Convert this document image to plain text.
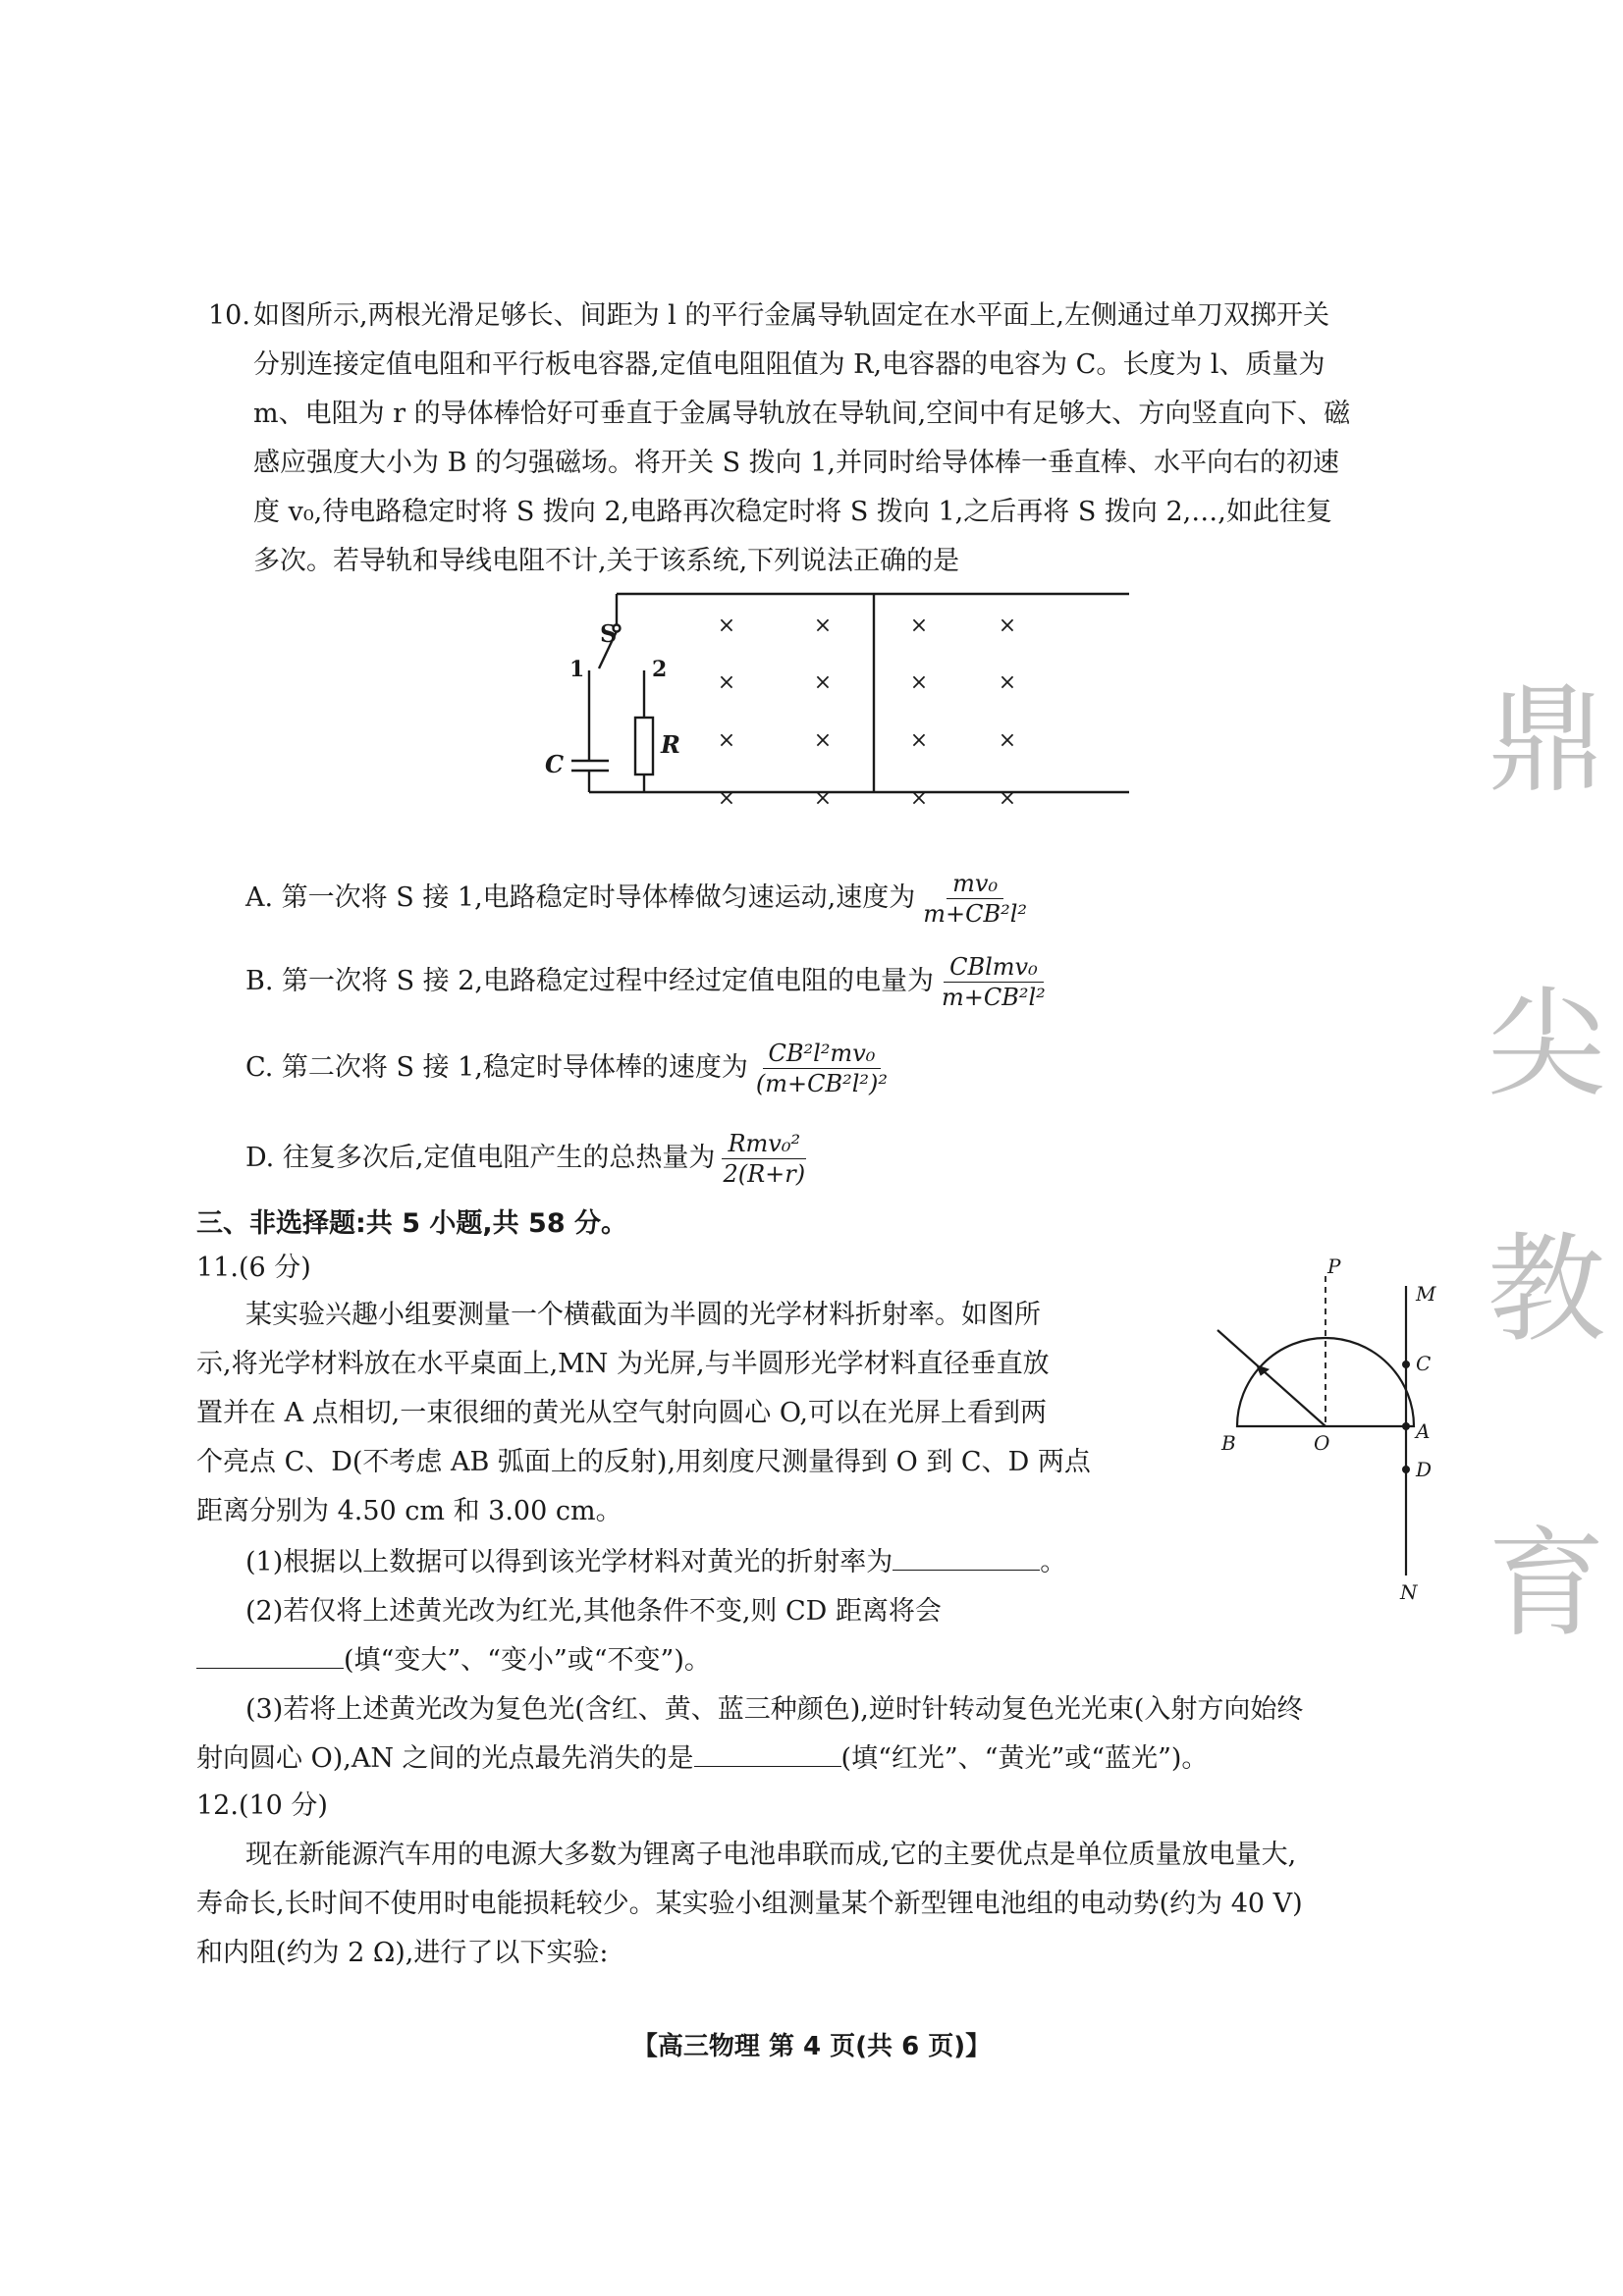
10. 如图所示,两根光滑足够长、间距为 l 的平行金属导轨固定在水平面上,左侧通过单刀双掷开关
分别连接定值电阻和平行板电容器,定值电阻阻值为 R,电容器的电容为 C。长度为 l、质量为
m、电阻为 r 的导体棒恰好可垂直于金属导轨放在导轨间,空间中有足够大、方向竖直向下、磁
感应强度大小为 B 的匀强磁场。将开关 S 拨向 1,并同时给导体棒一垂直棒、水平向右的初速
度 v₀,待电路稳定时将 S 拨向 2,电路再次稳定时将 S 拨向 1,之后再将 S 拨向 2,…,如此往复
多次。若导轨和导线电阻不计,关于该系统,下列说法正确的是
S
1	2
C
R
×	×	×	×
×	×	×	×
×	×	×	×
×	×	×	×
A. 第一次将 S 接 1,电路稳定时导体棒做匀速运动,速度为 $\frac{\text{mv₀}}{\text{m+CB²l²}}$
B. 第一次将 S 接 2,电路稳定过程中经过定值电阻的电量为 $\frac{\text{CBlmv₀}}{\text{m+CB²l²}}$
C. 第二次将 S 接 1,稳定时导体棒的速度为 $\frac{\text{CB²l²mv₀}}{\text{(m+CB²l²)²}}$
D. 往复多次后,定值电阻产生的总热量为 $\frac{\text{Rmv₀²}}{2(R+r)}$
三、非选择题:共 5 小题,共 58 分。
11.(6 分)
某实验兴趣小组要测量一个横截面为半圆的光学材料折射率。如图所
示,将光学材料放在水平桌面上,MN 为光屏,与半圆形光学材料直径垂直放
置并在 A 点相切,一束很细的黄光从空气射向圆心 O,可以在光屏上看到两
个亮点 C、D(不考虑 AB 弧面上的反射),用刻度尺测量得到 O 到 C、D 两点
距离分别为 4.50 cm 和 3.00 cm。
(1)根据以上数据可以得到该光学材料对黄光的折射率为	。
(2)若仅将上述黄光改为红光,其他条件不变,则 CD 距离将会
(填“变大”、“变小”或“不变”)。
(3)若将上述黄光改为复色光(含红、黄、蓝三种颜色),逆时针转动复色光光束(入射方向始终
射向圆心 O),AN 之间的光点最先消失的是	(填“红光”、“黄光”或“蓝光”)。
P
M
C
B	O	A
D
N
12.(10 分)
现在新能源汽车用的电源大多数为锂离子电池串联而成,它的主要优点是单位质量放电量大,
寿命长,长时间不使用时电能损耗较少。某实验小组测量某个新型锂电池组的电动势(约为 40 V)
和内阻(约为 2 Ω),进行了以下实验:
【高三物理 第 4 页(共 6 页)】
鼎
尖
教
育
